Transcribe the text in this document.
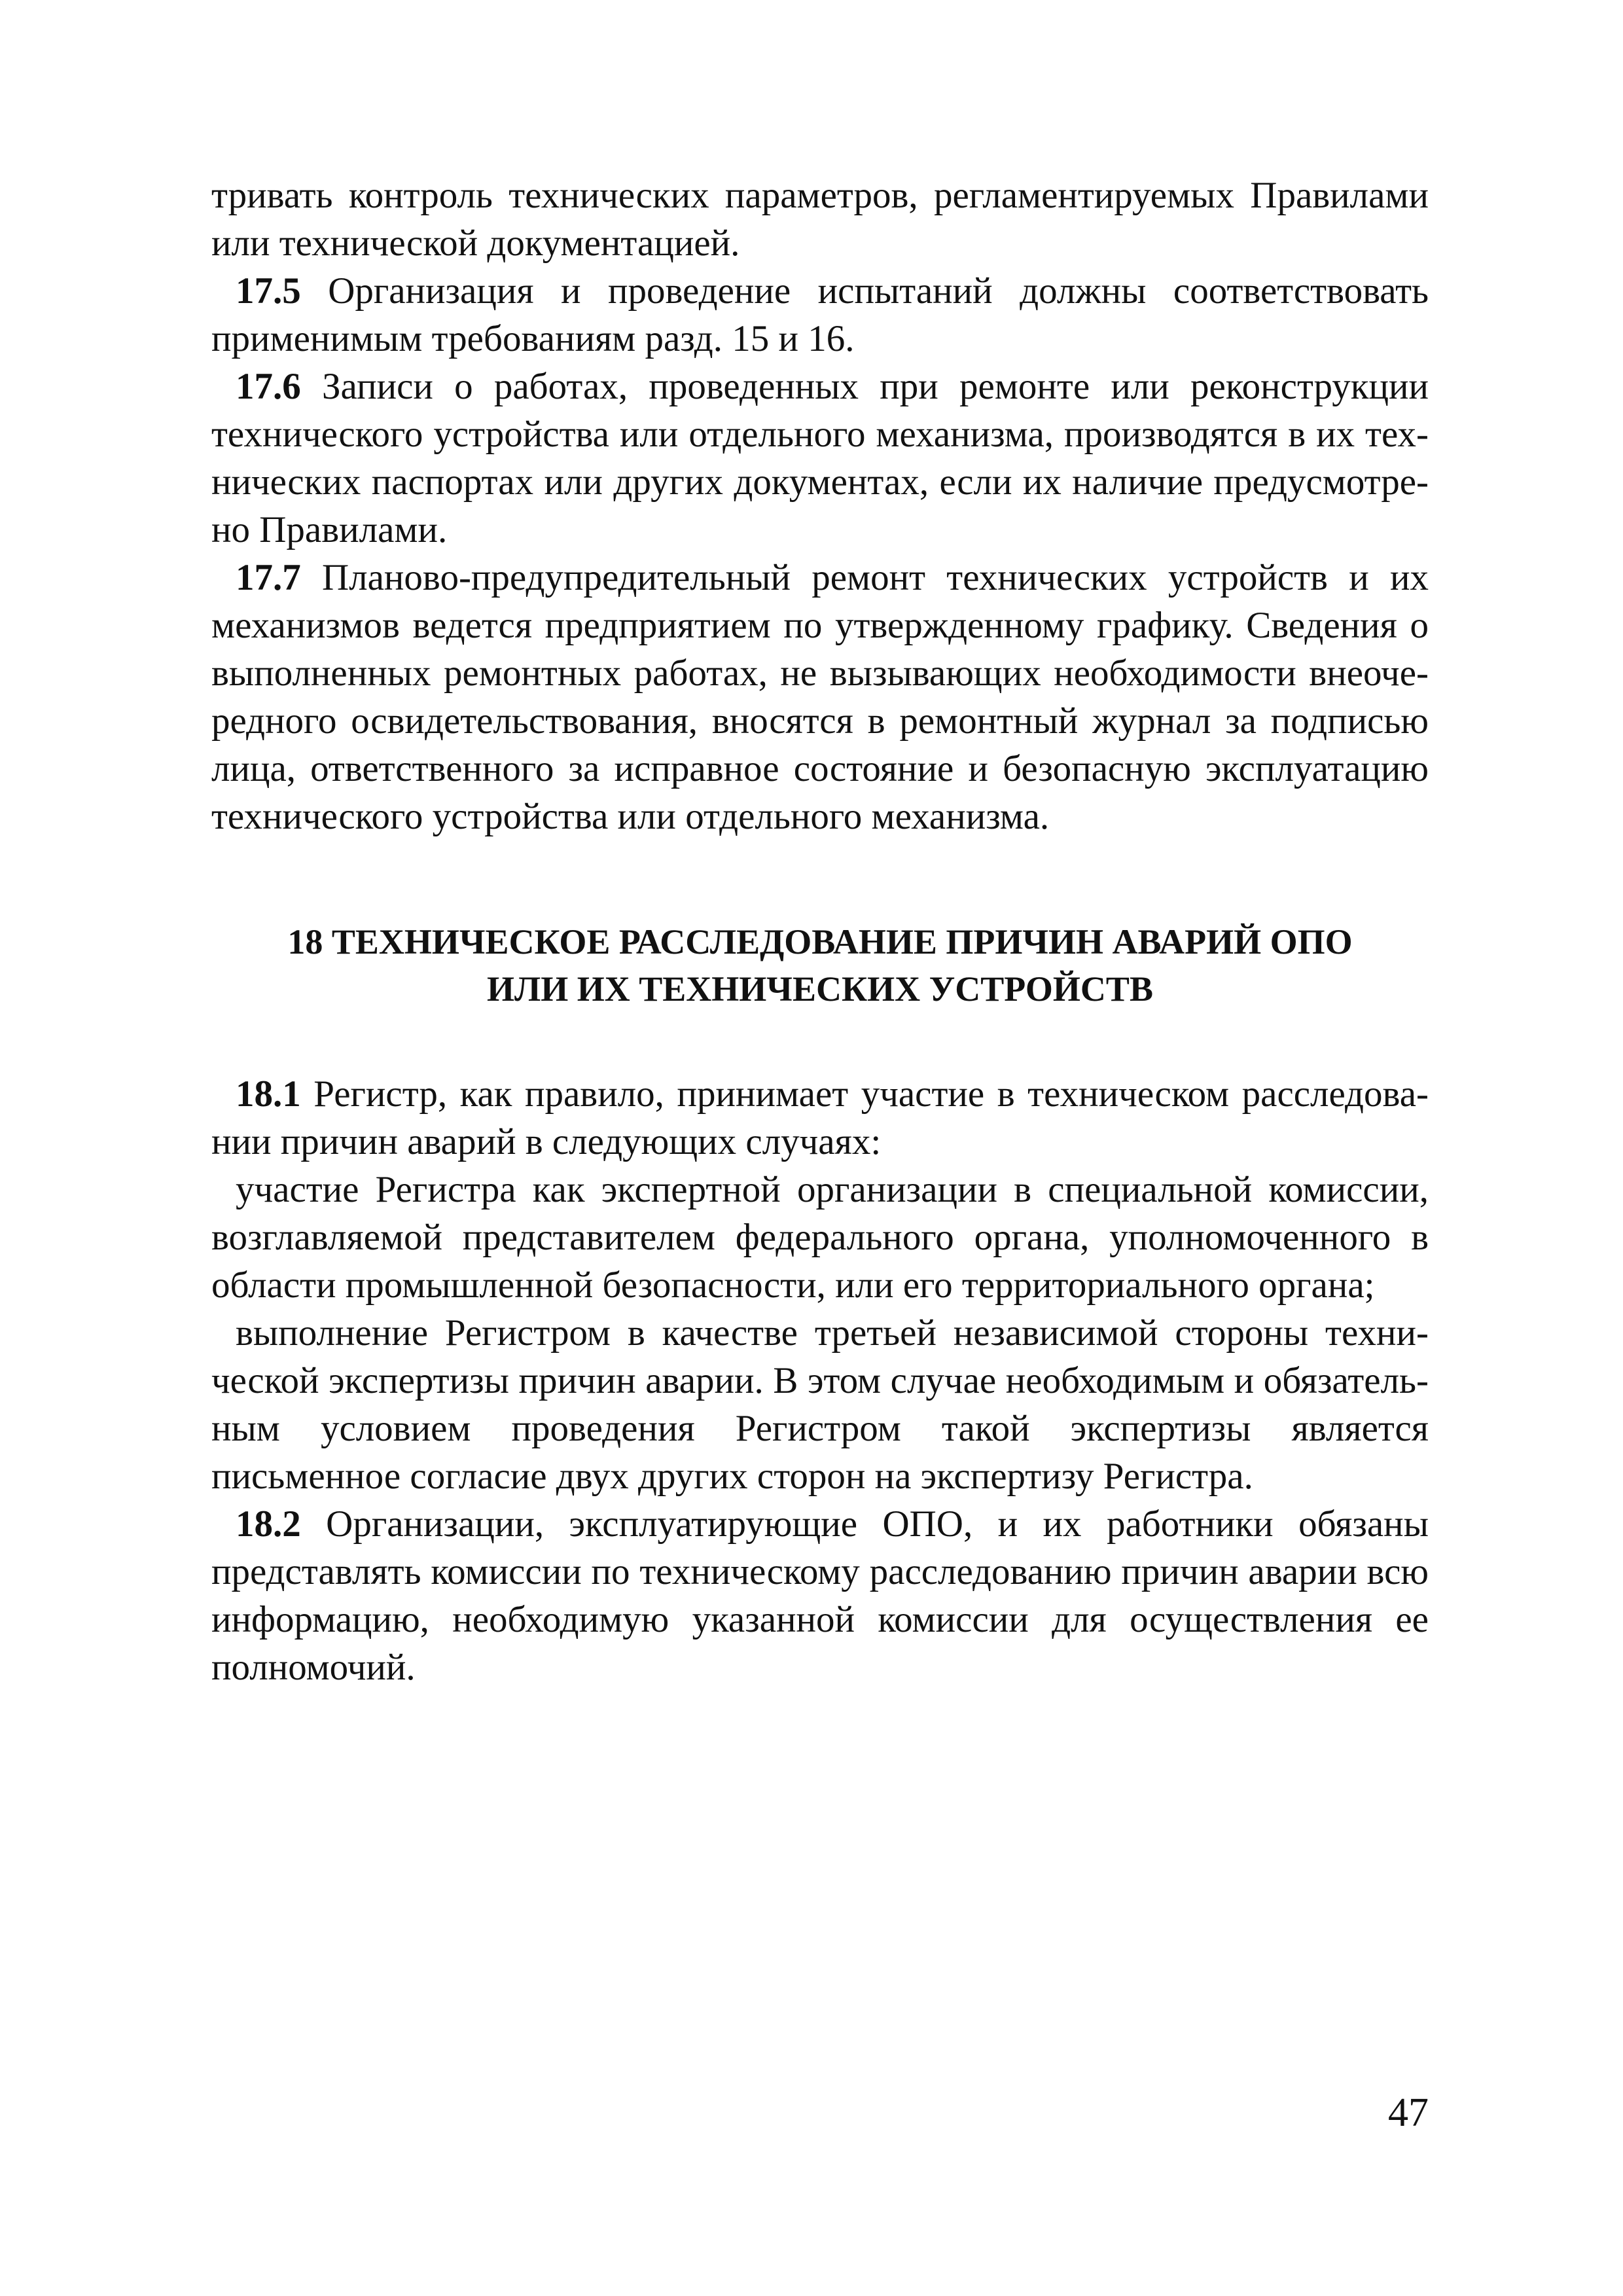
тривать контроль технических параметров, регламентируемых Правилами или технической документацией.

17.5 Организация и проведение испытаний должны соответствовать применимым требованиям разд. 15 и 16.

17.6 Записи о работах, проведенных при ремонте или реконструкции технического устройства или отдельного механизма, производятся в их технических паспортах или других документах, если их наличие предусмотрено Правилами.

17.7 Планово-предупредительный ремонт технических устройств и их механизмов ведется предприятием по утвержденному графику. Сведения о выполненных ремонтных работах, не вызывающих необходимости внеочередного освидетельствования, вносятся в ремонтный журнал за подписью лица, ответственного за исправное состояние и безопасную эксплуатацию технического устройства или отдельного механизма.

18 ТЕХНИЧЕСКОЕ РАССЛЕДОВАНИЕ ПРИЧИН АВАРИЙ ОПО
ИЛИ ИХ ТЕХНИЧЕСКИХ УСТРОЙСТВ

18.1 Регистр, как правило, принимает участие в техническом расследовании причин аварий в следующих случаях:

участие Регистра как экспертной организации в специальной комиссии, возглавляемой представителем федерального органа, уполномоченного в области промышленной безопасности, или его территориального органа;

выполнение Регистром в качестве третьей независимой стороны технической экспертизы причин аварии. В этом случае необходимым и обязательным условием проведения Регистром такой экспертизы является письменное согласие двух других сторон на экспертизу Регистра.

18.2 Организации, эксплуатирующие ОПО, и их работники обязаны представлять комиссии по техническому расследованию причин аварии всю информацию, необходимую указанной комиссии для осуществления ее полномочий.

47
